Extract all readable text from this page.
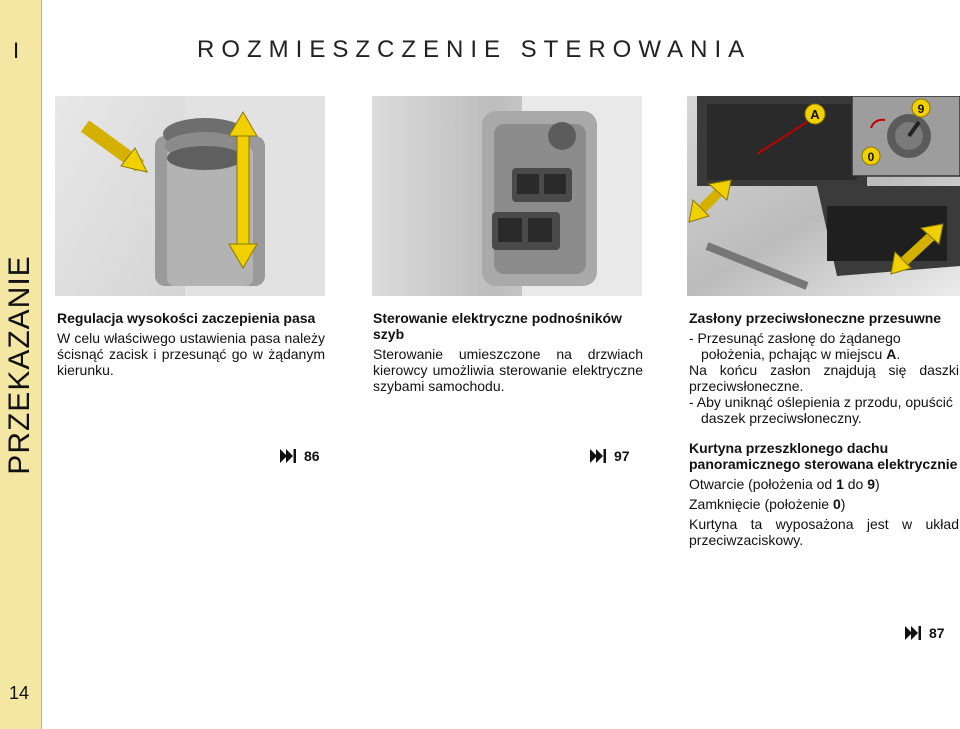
I
PRZEKAZANIE
14
ROZMIESZCZENIE STEROWANIA
A	9
0

Regulacja wysokości zaczepienia pasa

W celu właściwego ustawienia pasa należy ścisnąć zacisk i przesunąć go w żądanym kierunku.

86

Sterowanie elektryczne podnośników szyb

Sterowanie umieszczone na drzwiach kierowcy umożliwia sterowanie elektryczne szybami samochodu.

97

Zasłony przeciwsłoneczne przesuwne

- Przesunąć zasłonę do żądanego położenia, pchając w miejscu A.

Na końcu zasłon znajdują się daszki przeciwsłoneczne.

- Aby uniknąć oślepienia z przodu, opuścić daszek przeciwsłoneczny.

Kurtyna przeszklonego dachu panoramicznego sterowana elektrycznie

Otwarcie (położenia od 1 do 9)

Zamknięcie (położenie 0)

Kurtyna ta wyposażona jest w układ przeciwzaciskowy.

87
